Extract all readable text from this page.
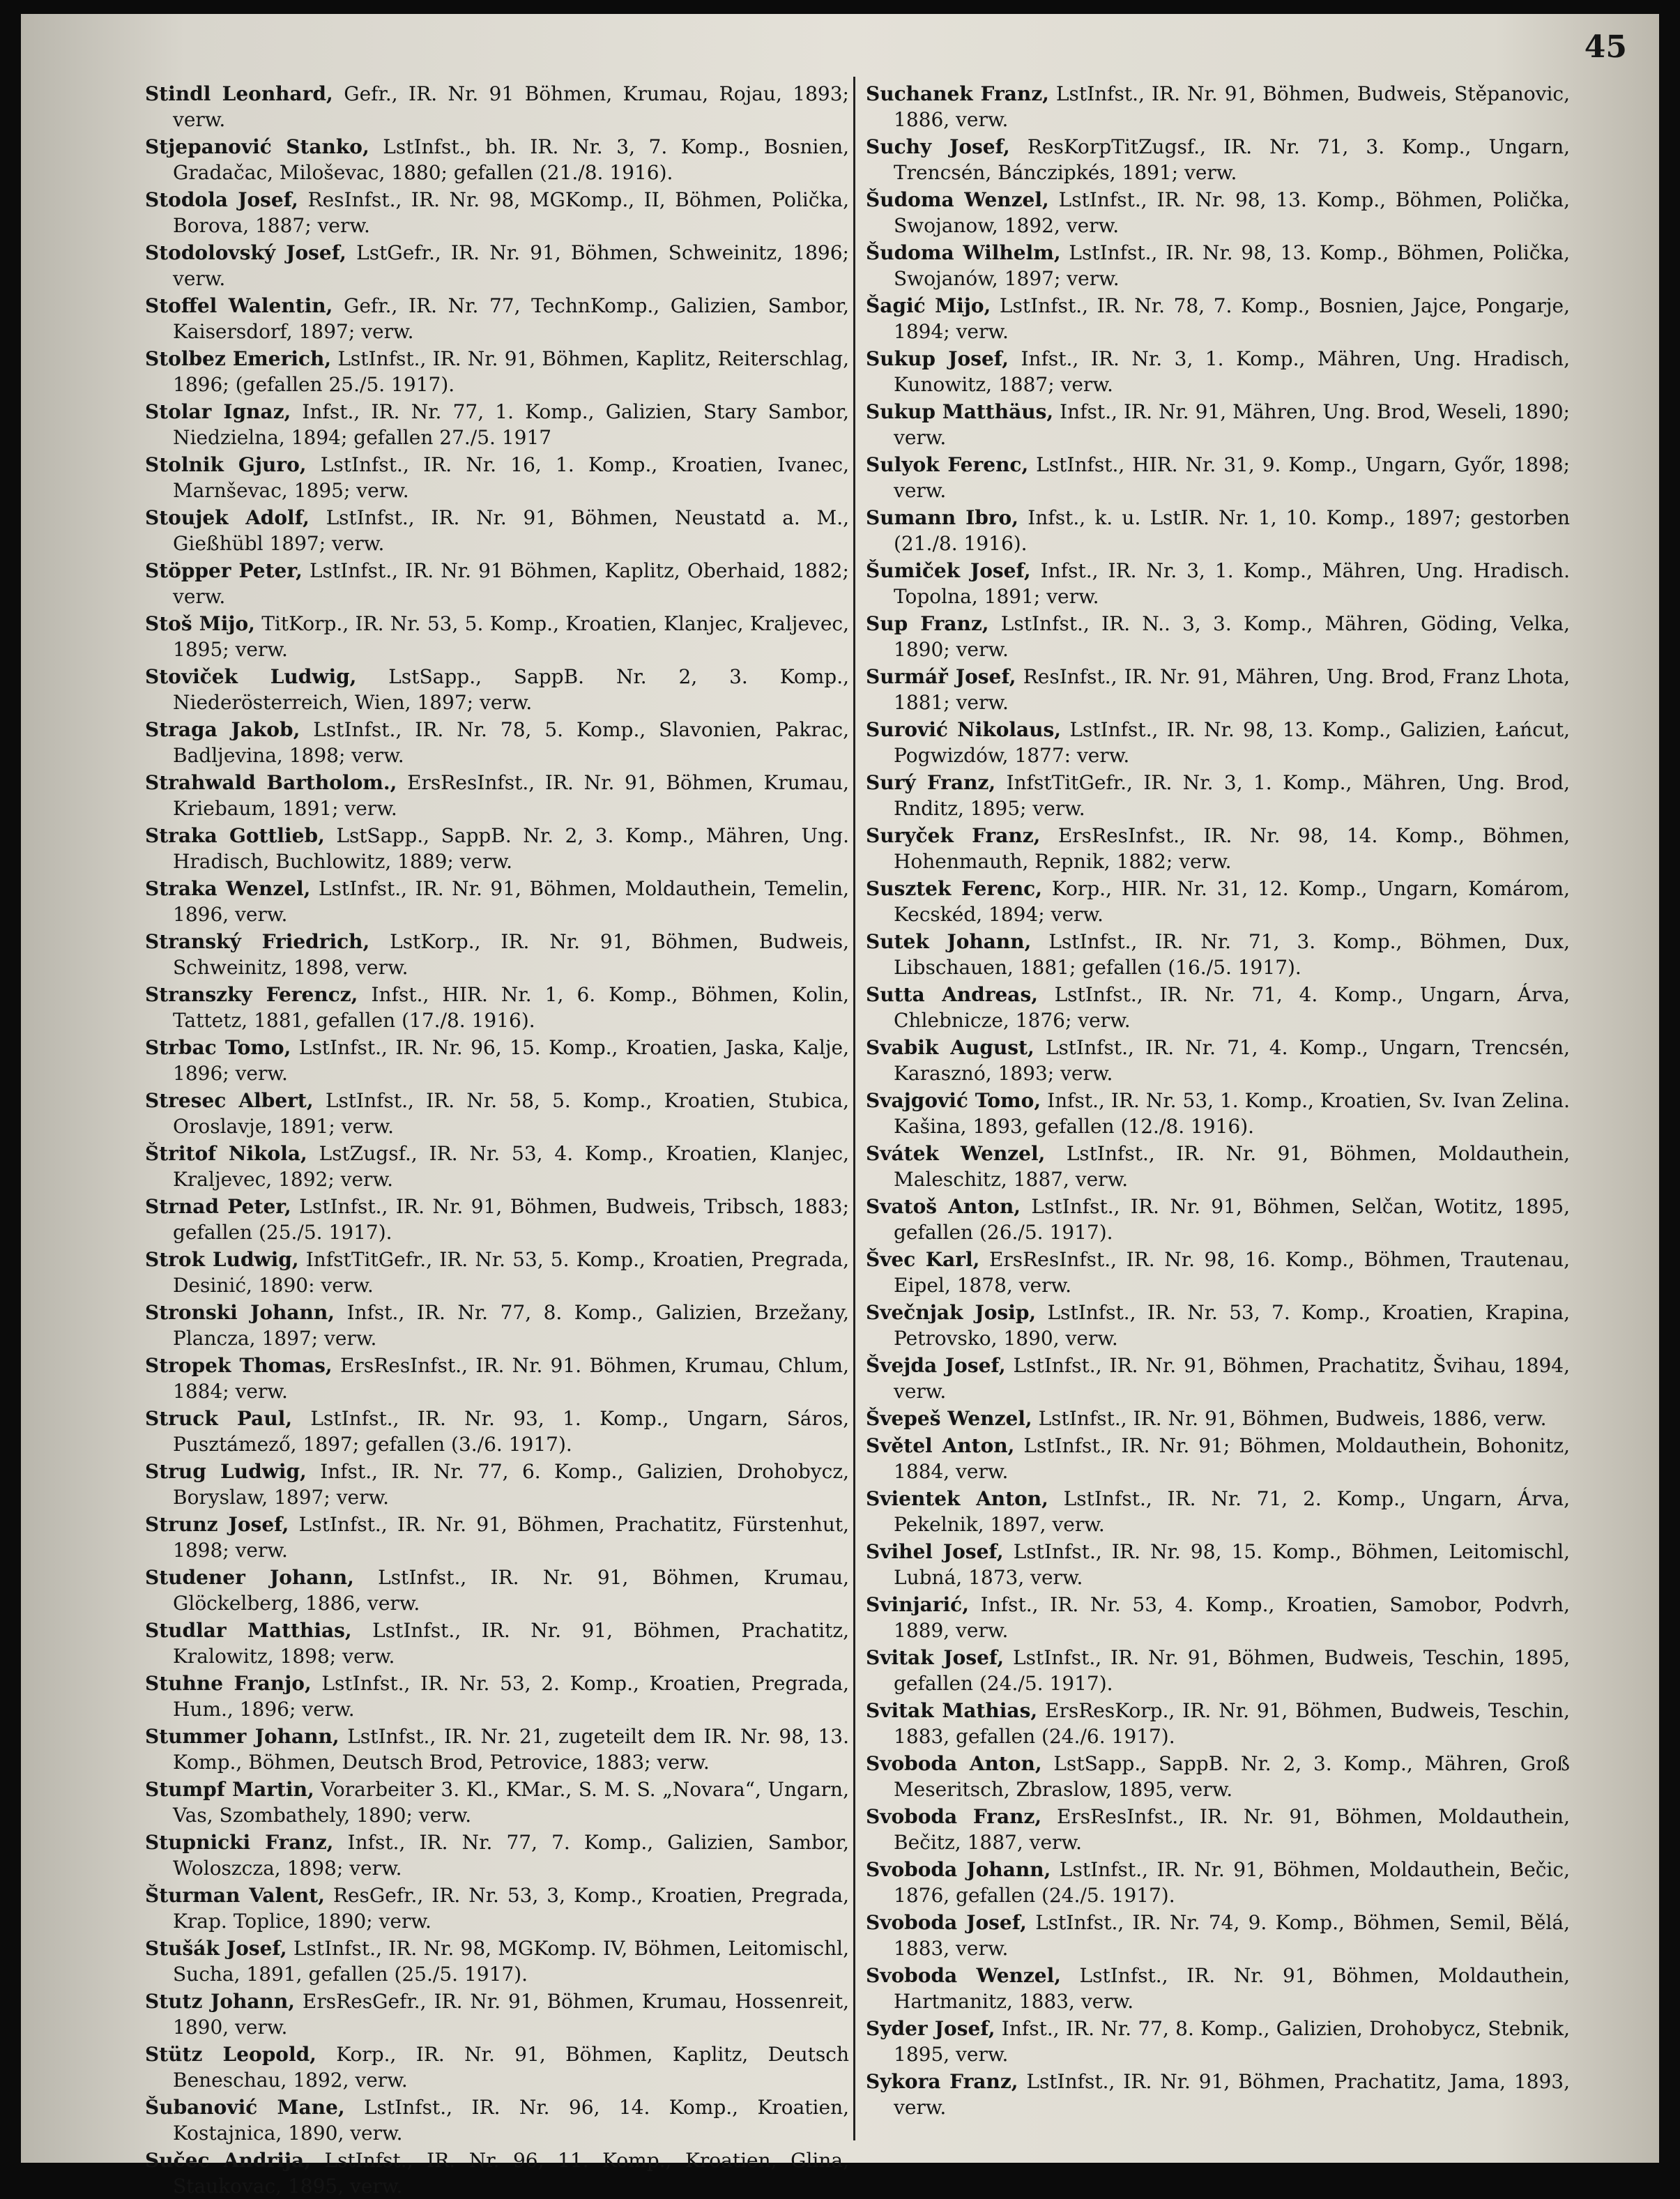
45

Stindl Leonhard, Gefr., IR. Nr. 91 Böhmen, Krumau, Rojau, 1893; verw.

Stjepanović Stanko, LstInfst., bh. IR. Nr. 3, 7. Komp., Bosnien, Gradačac, Miloševac, 1880; gefallen (21./8. 1916).

Stodola Josef, ResInfst., IR. Nr. 98, MGKomp., II, Böhmen, Polička, Borova, 1887; verw.

Stodolovský Josef, LstGefr., IR. Nr. 91, Böhmen, Schweinitz, 1896; verw.

Stoffel Walentin, Gefr., IR. Nr. 77, TechnKomp., Galizien, Sambor, Kaisersdorf, 1897; verw.

Stolbez Emerich, LstInfst., IR. Nr. 91, Böhmen, Kaplitz, Reiterschlag, 1896; (gefallen 25./5. 1917).

Stolar Ignaz, Infst., IR. Nr. 77, 1. Komp., Galizien, Stary Sambor, Niedzielna, 1894; gefallen 27./5. 1917

Stolnik Gjuro, LstInfst., IR. Nr. 16, 1. Komp., Kroatien, Ivanec, Marnševac, 1895; verw.

Stoujek Adolf, LstInfst., IR. Nr. 91, Böhmen, Neustatd a. M., Gießhübl 1897; verw.

Stöpper Peter, LstInfst., IR. Nr. 91 Böhmen, Kaplitz, Oberhaid, 1882; verw.

Stoš Mijo, TitKorp., IR. Nr. 53, 5. Komp., Kroatien, Klanjec, Kraljevec, 1895; verw.

Stoviček Ludwig, LstSapp., SappB. Nr. 2, 3. Komp., Niederösterreich, Wien, 1897; verw.

Straga Jakob, LstInfst., IR. Nr. 78, 5. Komp., Slavonien, Pakrac, Badljevina, 1898; verw.

Strahwald Bartholom., ErsResInfst., IR. Nr. 91, Böhmen, Krumau, Kriebaum, 1891; verw.

Straka Gottlieb, LstSapp., SappB. Nr. 2, 3. Komp., Mähren, Ung. Hradisch, Buchlowitz, 1889; verw.

Straka Wenzel, LstInfst., IR. Nr. 91, Böhmen, Moldauthein, Temelin, 1896, verw.

Stranský Friedrich, LstKorp., IR. Nr. 91, Böhmen, Budweis, Schweinitz, 1898, verw.

Stranszky Ferencz, Infst., HIR. Nr. 1, 6. Komp., Böhmen, Kolin, Tattetz, 1881, gefallen (17./8. 1916).

Strbac Tomo, LstInfst., IR. Nr. 96, 15. Komp., Kroatien, Jaska, Kalje, 1896; verw.

Stresec Albert, LstInfst., IR. Nr. 58, 5. Komp., Kroatien, Stubica, Oroslavje, 1891; verw.

Štritof Nikola, LstZugsf., IR. Nr. 53, 4. Komp., Kroatien, Klanjec, Kraljevec, 1892; verw.

Strnad Peter, LstInfst., IR. Nr. 91, Böhmen, Budweis, Tribsch, 1883; gefallen (25./5. 1917).

Strok Ludwig, InfstTitGefr., IR. Nr. 53, 5. Komp., Kroatien, Pregrada, Desinić, 1890: verw.

Stronski Johann, Infst., IR. Nr. 77, 8. Komp., Galizien, Brzežany, Plancza, 1897; verw.

Stropek Thomas, ErsResInfst., IR. Nr. 91. Böhmen, Krumau, Chlum, 1884; verw.

Struck Paul, LstInfst., IR. Nr. 93, 1. Komp., Ungarn, Sáros, Pusztámező, 1897; gefallen (3./6. 1917).

Strug Ludwig, Infst., IR. Nr. 77, 6. Komp., Galizien, Drohobycz, Boryslaw, 1897; verw.

Strunz Josef, LstInfst., IR. Nr. 91, Böhmen, Prachatitz, Fürstenhut, 1898; verw.

Studener Johann, LstInfst., IR. Nr. 91, Böhmen, Krumau, Glöckelberg, 1886, verw.

Studlar Matthias, LstInfst., IR. Nr. 91, Böhmen, Prachatitz, Kralowitz, 1898; verw.

Stuhne Franjo, LstInfst., IR. Nr. 53, 2. Komp., Kroatien, Pregrada, Hum., 1896; verw.

Stummer Johann, LstInfst., IR. Nr. 21, zugeteilt dem IR. Nr. 98, 13. Komp., Böhmen, Deutsch Brod, Petrovice, 1883; verw.

Stumpf Martin, Vorarbeiter 3. Kl., KMar., S. M. S. „Novara“, Ungarn, Vas, Szombathely, 1890; verw.

Stupnicki Franz, Infst., IR. Nr. 77, 7. Komp., Galizien, Sambor, Woloszcza, 1898; verw.

Šturman Valent, ResGefr., IR. Nr. 53, 3, Komp., Kroatien, Pregrada, Krap. Toplice, 1890; verw.

Stušák Josef, LstInfst., IR. Nr. 98, MGKomp. IV, Böhmen, Leitomischl, Sucha, 1891, gefallen (25./5. 1917).

Stutz Johann, ErsResGefr., IR. Nr. 91, Böhmen, Krumau, Hossenreit, 1890, verw.

Stütz Leopold, Korp., IR. Nr. 91, Böhmen, Kaplitz, Deutsch Beneschau, 1892, verw.

Šubanović Mane, LstInfst., IR. Nr. 96, 14. Komp., Kroatien, Kostajnica, 1890, verw.

Sučec Andrija, LstInfst., IR. Nr. 96, 11. Komp., Kroatien, Glina, Staukovac, 1895, verw.

Suchanek Franz, LstInfst., IR. Nr. 91, Böhmen, Budweis, Stěpanovic, 1886, verw.

Suchy Josef, ResKorpTitZugsf., IR. Nr. 71, 3. Komp., Ungarn, Trencsén, Bánczipkés, 1891; verw.

Šudoma Wenzel, LstInfst., IR. Nr. 98, 13. Komp., Böhmen, Polička, Swojanow, 1892, verw.

Šudoma Wilhelm, LstInfst., IR. Nr. 98, 13. Komp., Böhmen, Polička, Swojanów, 1897; verw.

Šagić Mijo, LstInfst., IR. Nr. 78, 7. Komp., Bosnien, Jajce, Pongarje, 1894; verw.

Sukup Josef, Infst., IR. Nr. 3, 1. Komp., Mähren, Ung. Hradisch, Kunowitz, 1887; verw.

Sukup Matthäus, Infst., IR. Nr. 91, Mähren, Ung. Brod, Weseli, 1890; verw.

Sulyok Ferenc, LstInfst., HIR. Nr. 31, 9. Komp., Ungarn, Győr, 1898; verw.

Sumann Ibro, Infst., k. u. LstIR. Nr. 1, 10. Komp., 1897; gestorben (21./8. 1916).

Šumiček Josef, Infst., IR. Nr. 3, 1. Komp., Mähren, Ung. Hradisch. Topolna, 1891; verw.

Sup Franz, LstInfst., IR. N.. 3, 3. Komp., Mähren, Göding, Velka, 1890; verw.

Surmář Josef, ResInfst., IR. Nr. 91, Mähren, Ung. Brod, Franz Lhota, 1881; verw.

Surović Nikolaus, LstInfst., IR. Nr. 98, 13. Komp., Galizien, Łańcut, Pogwizdów, 1877: verw.

Surý Franz, InfstTitGefr., IR. Nr. 3, 1. Komp., Mähren, Ung. Brod, Rnditz, 1895; verw.

Suryček Franz, ErsResInfst., IR. Nr. 98, 14. Komp., Böhmen, Hohenmauth, Repnik, 1882; verw.

Susztek Ferenc, Korp., HIR. Nr. 31, 12. Komp., Ungarn, Komárom, Kecskéd, 1894; verw.

Sutek Johann, LstInfst., IR. Nr. 71, 3. Komp., Böhmen, Dux, Libschauen, 1881; gefallen (16./5. 1917).

Sutta Andreas, LstInfst., IR. Nr. 71, 4. Komp., Ungarn, Árva, Chlebnicze, 1876; verw.

Svabik August, LstInfst., IR. Nr. 71, 4. Komp., Ungarn, Trencsén, Karasznó, 1893; verw.

Svajgović Tomo, Infst., IR. Nr. 53, 1. Komp., Kroatien, Sv. Ivan Zelina. Kašina, 1893, gefallen (12./8. 1916).

Svátek Wenzel, LstInfst., IR. Nr. 91, Böhmen, Moldauthein, Maleschitz, 1887, verw.

Svatoš Anton, LstInfst., IR. Nr. 91, Böhmen, Selčan, Wotitz, 1895, gefallen (26./5. 1917).

Švec Karl, ErsResInfst., IR. Nr. 98, 16. Komp., Böhmen, Trautenau, Eipel, 1878, verw.

Svečnjak Josip, LstInfst., IR. Nr. 53, 7. Komp., Kroatien, Krapina, Petrovsko, 1890, verw.

Švejda Josef, LstInfst., IR. Nr. 91, Böhmen, Prachatitz, Švihau, 1894, verw.

Švepeš Wenzel, LstInfst., IR. Nr. 91, Böhmen, Budweis, 1886, verw.

Světel Anton, LstInfst., IR. Nr. 91; Böhmen, Moldauthein, Bohonitz, 1884, verw.

Svientek Anton, LstInfst., IR. Nr. 71, 2. Komp., Ungarn, Árva, Pekelnik, 1897, verw.

Svihel Josef, LstInfst., IR. Nr. 98, 15. Komp., Böhmen, Leitomischl, Lubná, 1873, verw.

Svinjarić, Infst., IR. Nr. 53, 4. Komp., Kroatien, Samobor, Podvrh, 1889, verw.

Svitak Josef, LstInfst., IR. Nr. 91, Böhmen, Budweis, Teschin, 1895, gefallen (24./5. 1917).

Svitak Mathias, ErsResKorp., IR. Nr. 91, Böhmen, Budweis, Teschin, 1883, gefallen (24./6. 1917).

Svoboda Anton, LstSapp., SappB. Nr. 2, 3. Komp., Mähren, Groß Meseritsch, Zbraslow, 1895, verw.

Svoboda Franz, ErsResInfst., IR. Nr. 91, Böhmen, Moldauthein, Bečitz, 1887, verw.

Svoboda Johann, LstInfst., IR. Nr. 91, Böhmen, Moldauthein, Bečic, 1876, gefallen (24./5. 1917).

Svoboda Josef, LstInfst., IR. Nr. 74, 9. Komp., Böhmen, Semil, Bělá, 1883, verw.

Svoboda Wenzel, LstInfst., IR. Nr. 91, Böhmen, Moldauthein, Hartmanitz, 1883, verw.

Syder Josef, Infst., IR. Nr. 77, 8. Komp., Galizien, Drohobycz, Stebnik, 1895, verw.

Sykora Franz, LstInfst., IR. Nr. 91, Böhmen, Prachatitz, Jama, 1893, verw.
